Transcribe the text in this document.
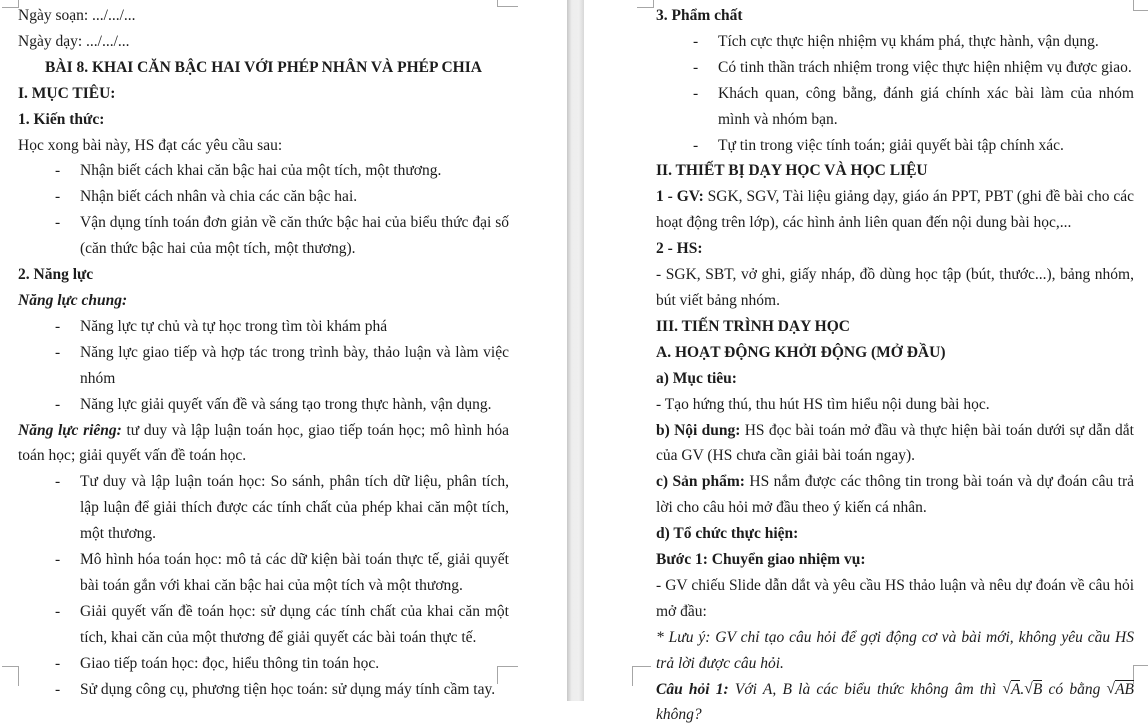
Ngày soạn: .../.../...
Ngày dạy: .../.../...
BÀI 8. KHAI CĂN BẬC HAI VỚI PHÉP NHÂN VÀ PHÉP CHIA
I. MỤC TIÊU:
1. Kiến thức:
Học xong bài này, HS đạt các yêu cầu sau:
- Nhận biết cách khai căn bậc hai của một tích, một thương.
- Nhận biết cách nhân và chia các căn bậc hai.
- Vận dụng tính toán đơn giản về căn thức bậc hai của biểu thức đại số (căn thức bậc hai của một tích, một thương).
2. Năng lực
Năng lực chung:
- Năng lực tự chủ và tự học trong tìm tòi khám phá
- Năng lực giao tiếp và hợp tác trong trình bày, thảo luận và làm việc nhóm
- Năng lực giải quyết vấn đề và sáng tạo trong thực hành, vận dụng.
Năng lực riêng: tư duy và lập luận toán học, giao tiếp toán học; mô hình hóa toán học; giải quyết vấn đề toán học.
- Tư duy và lập luận toán học: So sánh, phân tích dữ liệu, phân tích, lập luận để giải thích được các tính chất của phép khai căn một tích, một thương.
- Mô hình hóa toán học: mô tả các dữ kiện bài toán thực tế, giải quyết bài toán gắn với khai căn bậc hai của một tích và một thương.
- Giải quyết vấn đề toán học: sử dụng các tính chất của khai căn một tích, khai căn của một thương để giải quyết các bài toán thực tế.
- Giao tiếp toán học: đọc, hiểu thông tin toán học.
- Sử dụng công cụ, phương tiện học toán: sử dụng máy tính cầm tay.
3. Phẩm chất
- Tích cực thực hiện nhiệm vụ khám phá, thực hành, vận dụng.
- Có tinh thần trách nhiệm trong việc thực hiện nhiệm vụ được giao.
- Khách quan, công bằng, đánh giá chính xác bài làm của nhóm mình và nhóm bạn.
- Tự tin trong việc tính toán; giải quyết bài tập chính xác.
II. THIẾT BỊ DẠY HỌC VÀ HỌC LIỆU
1 - GV: SGK, SGV, Tài liệu giảng dạy, giáo án PPT, PBT (ghi đề bài cho các hoạt động trên lớp), các hình ảnh liên quan đến nội dung bài học,...
2 - HS:
- SGK, SBT, vở ghi, giấy nháp, đồ dùng học tập (bút, thước...), bảng nhóm, bút viết bảng nhóm.
III. TIẾN TRÌNH DẠY HỌC
A. HOẠT ĐỘNG KHỞI ĐỘNG (MỞ ĐẦU)
a) Mục tiêu:
- Tạo hứng thú, thu hút HS tìm hiểu nội dung bài học.
b) Nội dung: HS đọc bài toán mở đầu và thực hiện bài toán dưới sự dẫn dắt của GV (HS chưa cần giải bài toán ngay).
c) Sản phẩm: HS nắm được các thông tin trong bài toán và dự đoán câu trả lời cho câu hỏi mở đầu theo ý kiến cá nhân.
d) Tổ chức thực hiện:
Bước 1: Chuyển giao nhiệm vụ:
- GV chiếu Slide dẫn dắt và yêu cầu HS thảo luận và nêu dự đoán về câu hỏi mở đầu:
* Lưu ý: GV chỉ tạo câu hỏi để gợi động cơ và bài mới, không yêu cầu HS trả lời được câu hỏi.
Câu hỏi 1: Với A, B là các biểu thức không âm thì √A.√B có bằng √AB không?
